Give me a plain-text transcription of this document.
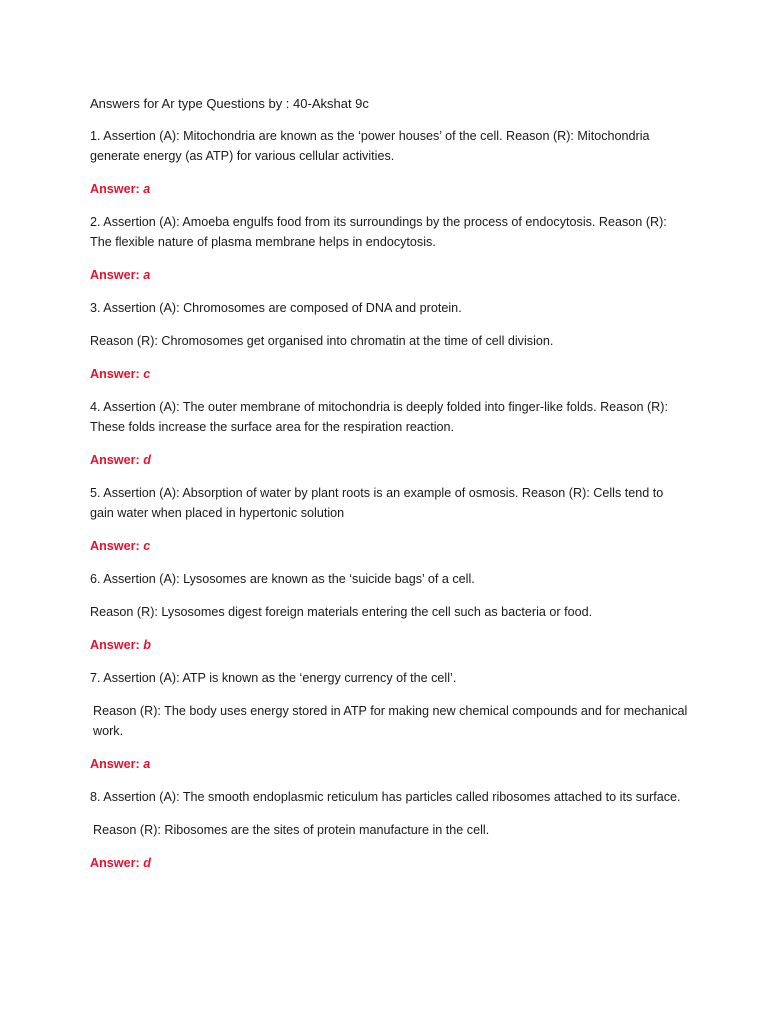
Answers for Ar type Questions by : 40-Akshat 9c

1. Assertion (A): Mitochondria are known as the ‘power houses’ of the cell. Reason (R): Mitochondria generate energy (as ATP) for various cellular activities.

Answer: a

2. Assertion (A): Amoeba engulfs food from its surroundings by the process of endocytosis. Reason (R): The flexible nature of plasma membrane helps in endocytosis.

Answer: a

3. Assertion (A): Chromosomes are composed of DNA and protein.

Reason (R): Chromosomes get organised into chromatin at the time of cell division.

Answer: c

4. Assertion (A): The outer membrane of mitochondria is deeply folded into finger-like folds. Reason (R): These folds increase the surface area for the respiration reaction.

Answer: d

5. Assertion (A): Absorption of water by plant roots is an example of osmosis. Reason (R): Cells tend to gain water when placed in hypertonic solution

Answer: c

6. Assertion (A): Lysosomes are known as the ‘suicide bags’ of a cell.

Reason (R): Lysosomes digest foreign materials entering the cell such as bacteria or food.

Answer: b

7. Assertion (A): ATP is known as the ‘energy currency of the cell’.

Reason (R): The body uses energy stored in ATP for making new chemical compounds and for mechanical work.

Answer: a

8. Assertion (A): The smooth endoplasmic reticulum has particles called ribosomes attached to its surface.

Reason (R): Ribosomes are the sites of protein manufacture in the cell.

Answer: d
